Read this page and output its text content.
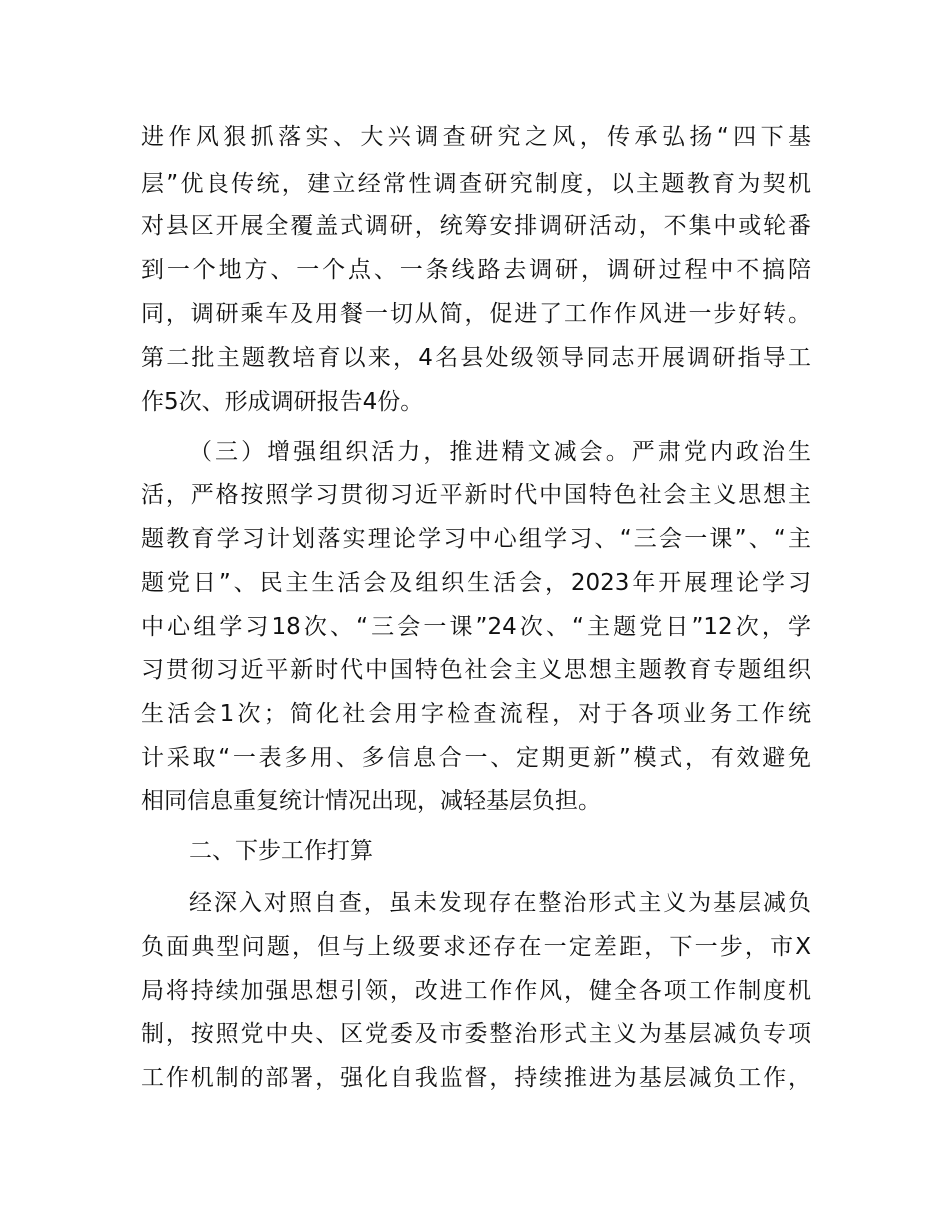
进作风狠抓落实、大兴调查研究之风，传承弘扬“四下基
层”优良传统，建立经常性调查研究制度，以主题教育为契机
对县区开展全覆盖式调研，统筹安排调研活动，不集中或轮番
到一个地方、一个点、一条线路去调研，调研过程中不搞陪
同，调研乘车及用餐一切从简，促进了工作作风进一步好转。
第二批主题教培育以来，4名县处级领导同志开展调研指导工
作5次、形成调研报告4份。
（三）增强组织活力，推进精文减会。严肃党内政治生
活，严格按照学习贯彻习近平新时代中国特色社会主义思想主
题教育学习计划落实理论学习中心组学习、“三会一课”、“主
题党日”、民主生活会及组织生活会，2023年开展理论学习
中心组学习18次、“三会一课”24次、“主题党日”12次，学
习贯彻习近平新时代中国特色社会主义思想主题教育专题组织
生活会1次；简化社会用字检查流程，对于各项业务工作统
计采取“一表多用、多信息合一、定期更新”模式，有效避免
相同信息重复统计情况出现，减轻基层负担。
二、下步工作打算
经深入对照自查，虽未发现存在整治形式主义为基层减负
负面典型问题，但与上级要求还存在一定差距，下一步，市X
局将持续加强思想引领，改进工作作风，健全各项工作制度机
制，按照党中央、区党委及市委整治形式主义为基层减负专项
工作机制的部署，强化自我监督，持续推进为基层减负工作，
